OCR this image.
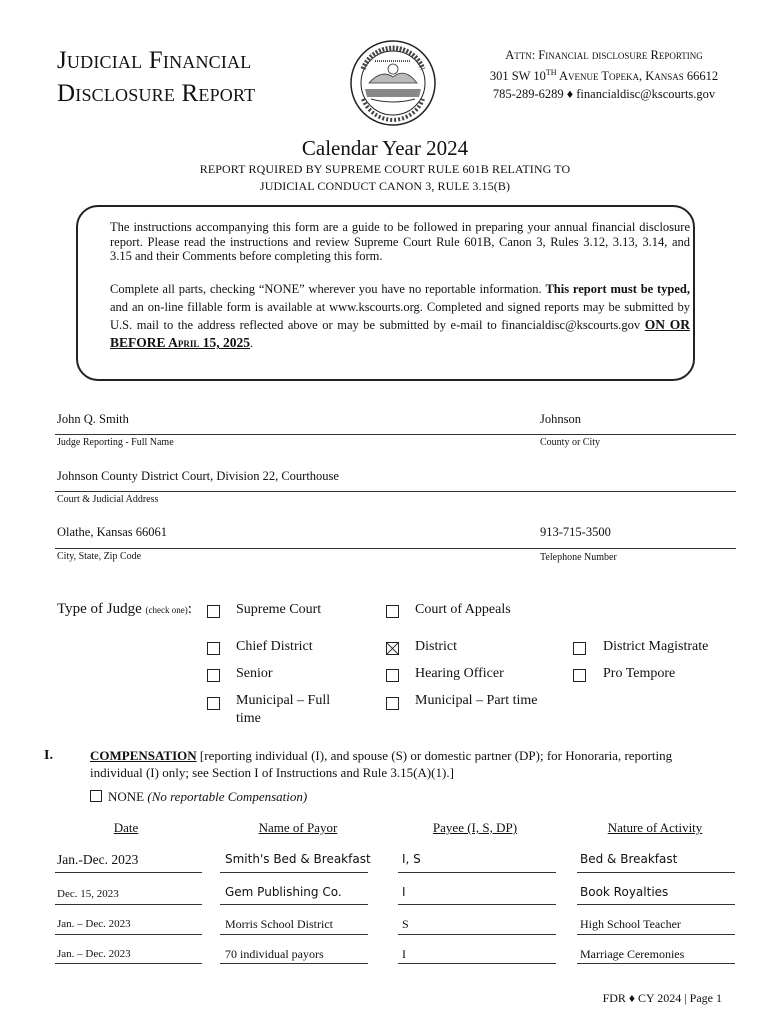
Judicial Financial
Disclosure Report
Attn: Financial disclosure Reporting
301 SW 10TH Avenue Topeka, Kansas 66612
785-289-6289 ♦ financialdisc@kscourts.gov
Calendar Year 2024
REPORT RQUIRED BY SUPREME COURT RULE 601B RELATING TO
JUDICIAL CONDUCT CANON 3, RULE 3.15(B)
The instructions accompanying this form are a guide to be followed in preparing your annual financial disclosure report. Please read the instructions and review Supreme Court Rule 601B, Canon 3, Rules 3.12, 3.13, 3.14, and 3.15 and their Comments before completing this form.
Complete all parts, checking “NONE” wherever you have no reportable information. This report must be typed, and an on-line fillable form is available at www.kscourts.org. Completed and signed reports may be submitted by U.S. mail to the address reflected above or may be submitted by e-mail to financialdisc@kscourts.gov ON OR BEFORE April 15, 2025.
John Q. Smith	Johnson
Judge Reporting - Full Name	County or City
Johnson County District Court, Division 22, Courthouse
Court & Judicial Address
Olathe, Kansas 66061	913-715-3500
City, State, Zip Code	Telephone Number
Type of Judge (check one):	Supreme Court	Court of Appeals
Chief District	District	District Magistrate
Senior	Hearing Officer	Pro Tempore
Municipal – Full time
Municipal – Part time
I.	COMPENSATION [reporting individual (I), and spouse (S) or domestic partner (DP); for Honoraria, reporting individual (I) only; see Section I of Instructions and Rule 3.15(A)(1).]
NONE (No reportable Compensation)
Date	Name of Payor	Payee (I, S, DP)	Nature of Activity
Jan.-Dec. 2023	Smith's Bed & Breakfast	I, S	Bed & Breakfast
Dec. 15, 2023	Gem Publishing Co.	I	Book Royalties
Jan. – Dec. 2023	Morris School District	S	High School Teacher
Jan. – Dec. 2023	70 individual payors	I	Marriage Ceremonies
FDR ♦ CY 2024 | Page 1
